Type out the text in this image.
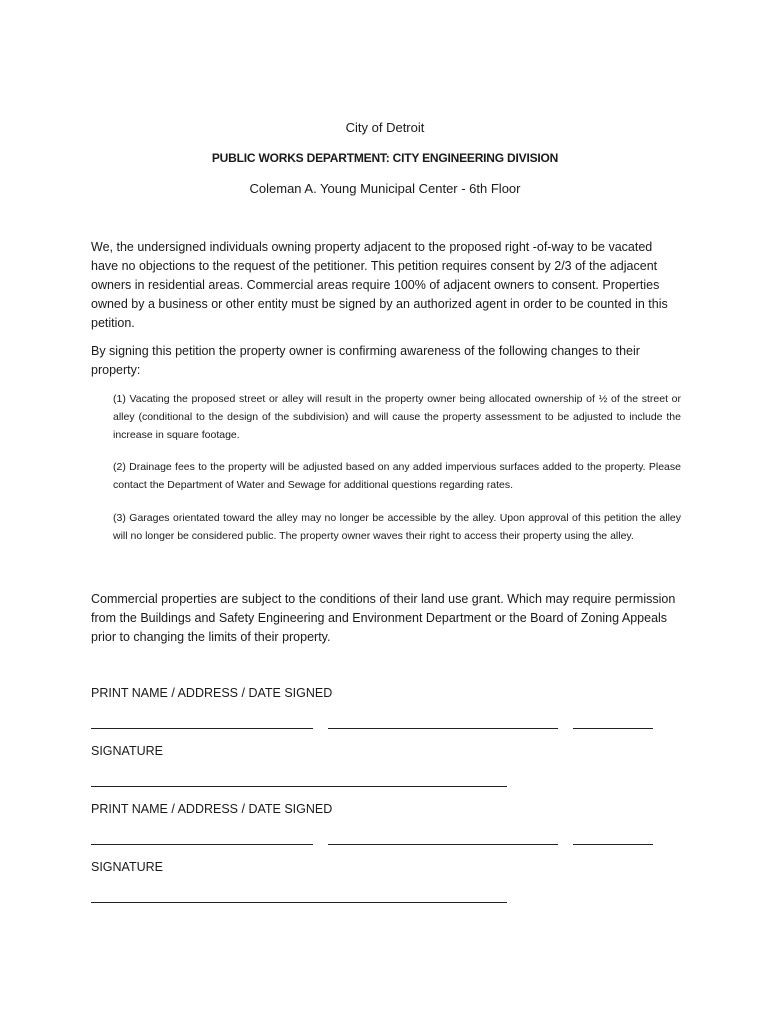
City of Detroit
PUBLIC WORKS DEPARTMENT: CITY ENGINEERING DIVISION
Coleman A. Young Municipal Center - 6th Floor
We, the undersigned individuals owning property adjacent to the proposed right -of-way to be vacated have no objections to the request of the petitioner. This petition requires consent by 2/3 of the adjacent owners in residential areas. Commercial areas require 100% of adjacent owners to consent. Properties owned by a business or other entity must be signed by an authorized agent in order to be counted in this petition.
By signing this petition the property owner is confirming awareness of the following changes to their property:
(1) Vacating the proposed street or alley will result in the property owner being allocated ownership of ½ of the street or alley (conditional to the design of the subdivision) and will cause the property assessment to be adjusted to include the increase in square footage.
(2) Drainage fees to the property will be adjusted based on any added impervious surfaces added to the property. Please contact the Department of Water and Sewage for additional questions regarding rates.
(3) Garages orientated toward the alley may no longer be accessible by the alley. Upon approval of this petition the alley will no longer be considered public. The property owner waves their right to access their property using the alley.
Commercial properties are subject to the conditions of their land use grant. Which may require permission from the Buildings and Safety Engineering and Environment Department or the Board of Zoning Appeals prior to changing the limits of their property.
PRINT NAME / ADDRESS / DATE SIGNED
SIGNATURE
PRINT NAME / ADDRESS / DATE SIGNED
SIGNATURE
